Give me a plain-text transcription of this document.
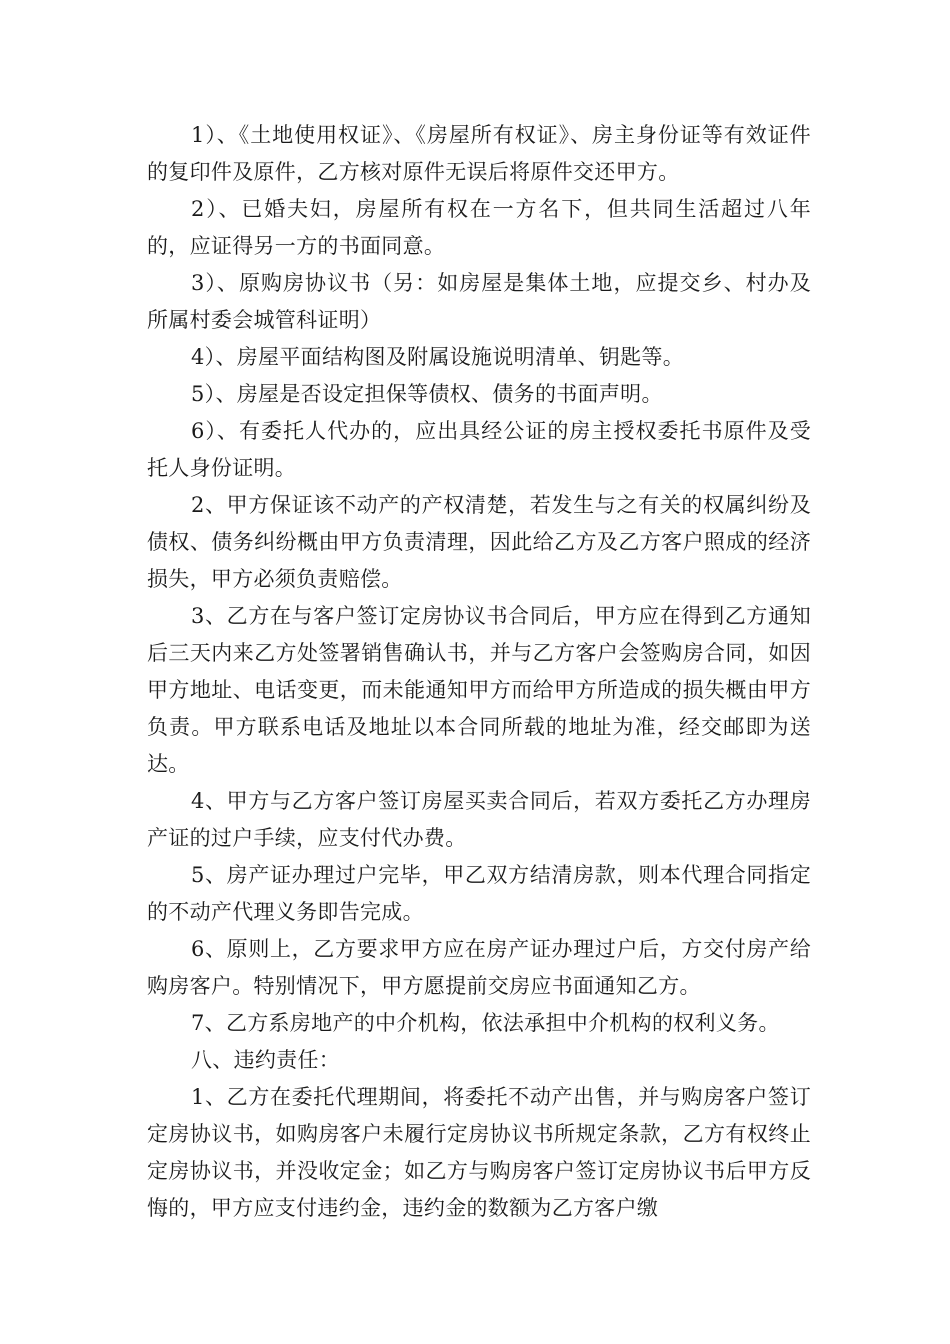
1）、《土地使用权证》、《房屋所有权证》、房主身份证等有效证件的复印件及原件，乙方核对原件无误后将原件交还甲方。

2）、已婚夫妇，房屋所有权在一方名下，但共同生活超过八年的，应证得另一方的书面同意。

3）、原购房协议书（另：如房屋是集体土地，应提交乡、村办及所属村委会城管科证明）

4）、房屋平面结构图及附属设施说明清单、钥匙等。

5）、房屋是否设定担保等债权、债务的书面声明。

6）、有委托人代办的，应出具经公证的房主授权委托书原件及受托人身份证明。

2、甲方保证该不动产的产权清楚，若发生与之有关的权属纠纷及债权、债务纠纷概由甲方负责清理，因此给乙方及乙方客户照成的经济损失，甲方必须负责赔偿。

3、乙方在与客户签订定房协议书合同后，甲方应在得到乙方通知后三天内来乙方处签署销售确认书，并与乙方客户会签购房合同，如因甲方地址、电话变更，而未能通知甲方而给甲方所造成的损失概由甲方负责。甲方联系电话及地址以本合同所载的地址为准，经交邮即为送达。

4、甲方与乙方客户签订房屋买卖合同后，若双方委托乙方办理房产证的过户手续，应支付代办费。

5、房产证办理过户完毕，甲乙双方结清房款，则本代理合同指定的不动产代理义务即告完成。

6、原则上，乙方要求甲方应在房产证办理过户后，方交付房产给购房客户。特别情况下，甲方愿提前交房应书面通知乙方。

7、乙方系房地产的中介机构，依法承担中介机构的权利义务。

八、违约责任：

1、乙方在委托代理期间，将委托不动产出售，并与购房客户签订定房协议书，如购房客户未履行定房协议书所规定条款，乙方有权终止定房协议书，并没收定金；如乙方与购房客户签订定房协议书后甲方反悔的，甲方应支付违约金，违约金的数额为乙方客户缴
